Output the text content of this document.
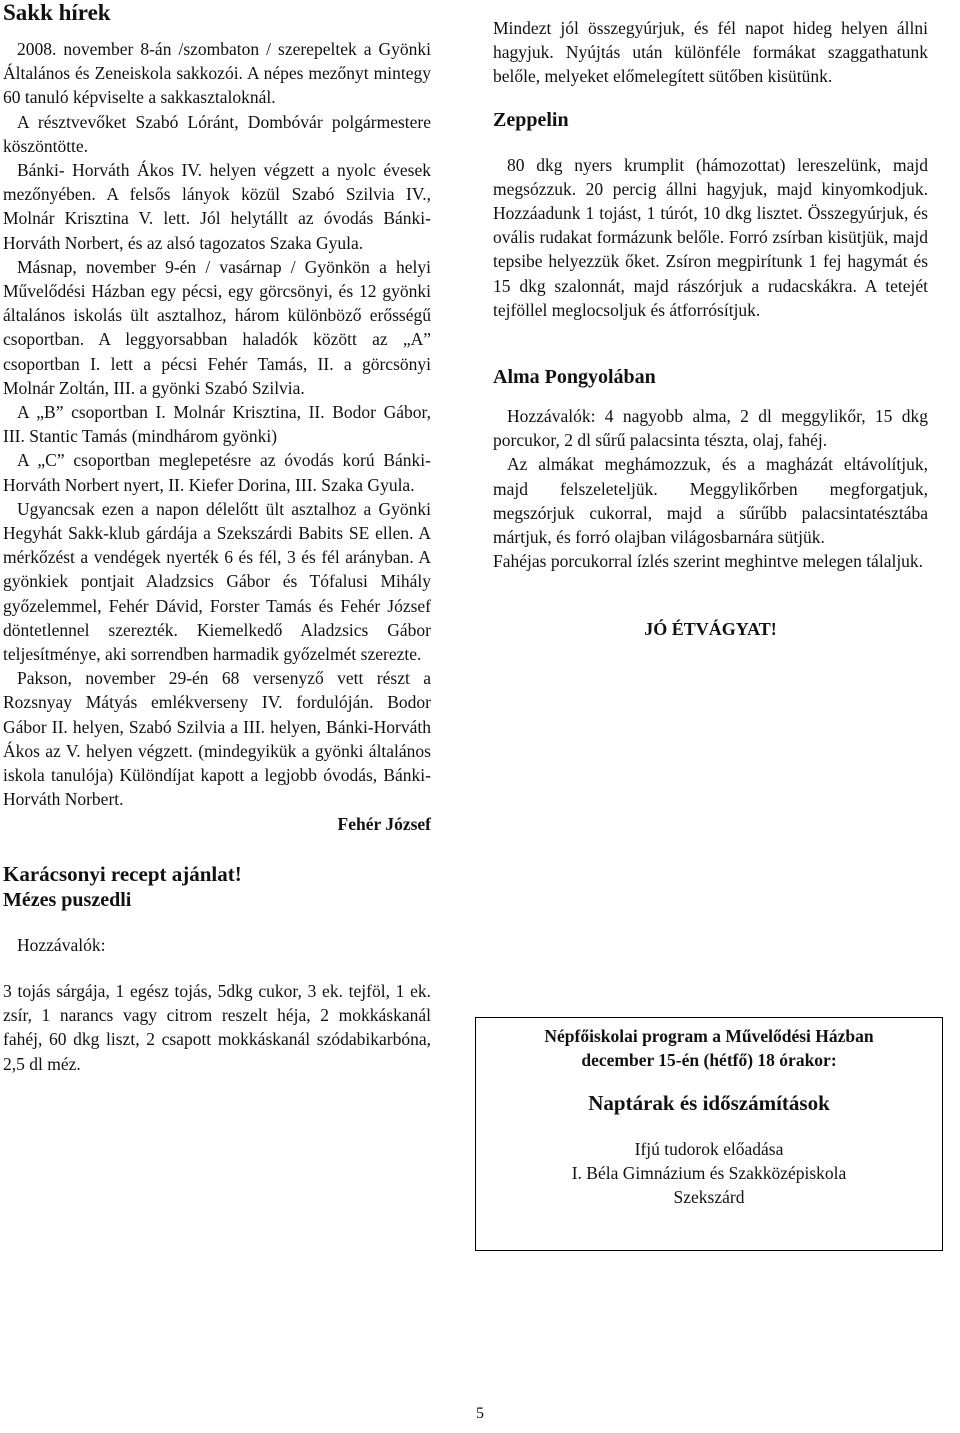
Sakk hírek

2008. november 8-án /szombaton / szerepeltek a Gyönki Általános és Zeneiskola sakkozói. A népes mezőnyt mintegy 60 tanuló képviselte a sakkasztaloknál.

A résztvevőket Szabó Lóránt, Dombóvár polgármestere köszöntötte.

Bánki- Horváth Ákos IV. helyen végzett a nyolc évesek mezőnyében. A felsős lányok közül Szabó Szilvia IV., Molnár Krisztina V. lett. Jól helytállt az óvodás Bánki-Horváth Norbert, és az alsó tagozatos Szaka Gyula.

Másnap, november 9-én / vasárnap / Gyönkön a helyi Művelődési Házban egy pécsi, egy görcsönyi, és 12 gyönki általános iskolás ült asztalhoz, három különböző erősségű csoportban. A leggyorsabban haladók között az „A” csoportban I. lett a pécsi Fehér Tamás, II. a görcsönyi Molnár Zoltán, III. a gyönki Szabó Szilvia.

A „B” csoportban I. Molnár Krisztina, II. Bodor Gábor, III. Stantic Tamás (mindhárom gyönki)

A „C” csoportban meglepetésre az óvodás korú Bánki-Horváth Norbert nyert, II. Kiefer Dorina, III. Szaka Gyula.

Ugyancsak ezen a napon délelőtt ült asztalhoz a Gyönki Hegyhát Sakk-klub gárdája a Szekszárdi Babits SE ellen. A mérkőzést a vendégek nyerték 6 és fél, 3 és fél arányban. A gyönkiek pontjait Aladzsics Gábor és Tófalusi Mihály győzelemmel, Fehér Dávid, Forster Tamás és Fehér József döntetlennel szerezték. Kiemelkedő Aladzsics Gábor teljesítménye, aki sorrendben harmadik győzelmét szerezte.

Pakson, november 29-én 68 versenyző vett részt a Rozsnyay Mátyás emlékverseny IV. fordulóján. Bodor Gábor II. helyen, Szabó Szilvia a III. helyen, Bánki-Horváth Ákos az V. helyen végzett. (mindegyikük a gyönki általános iskola tanulója) Különdíjat kapott a legjobb óvodás, Bánki-Horváth Norbert.

Fehér József

Karácsonyi recept ajánlat!

Mézes puszedli

Hozzávalók:

3 tojás sárgája, 1 egész tojás, 5dkg cukor, 3 ek. tejföl, 1 ek. zsír, 1 narancs vagy citrom reszelt héja, 2 mokkáskanál fahéj, 60 dkg liszt, 2 csapott mokkáskanál szódabikarbóna, 2,5 dl méz.

Mindezt jól összegyúrjuk, és fél napot hideg helyen állni hagyjuk. Nyújtás után különféle formákat szaggathatunk belőle, melyeket előmelegített sütőben kisütünk.

Zeppelin

80 dkg nyers krumplit (hámozottat) lereszelünk, majd megsózzuk. 20 percig állni hagyjuk, majd kinyomkodjuk. Hozzáadunk 1 tojást, 1 túrót, 10 dkg lisztet. Összegyúrjuk, és ovális rudakat formázunk belőle. Forró zsírban kisütjük, majd tepsibe helyezzük őket. Zsíron megpirítunk 1 fej hagymát és 15 dkg szalonnát, majd rászórjuk a rudacskákra. A tetejét tejföllel meglocsoljuk és átforrósítjuk.

Alma Pongyolában

Hozzávalók: 4 nagyobb alma, 2 dl meggylikőr, 15 dkg porcukor, 2 dl sűrű palacsinta tészta, olaj, fahéj.

Az almákat meghámozzuk, és a magházát eltávolítjuk, majd felszeleteljük. Meggylikőrben megforgatjuk, megszórjuk cukorral, majd a sűrűbb palacsintatésztába mártjuk, és forró olajban világosbarnára sütjük.

Fahéjas porcukorral ízlés szerint meghintve melegen tálaljuk.

JÓ ÉTVÁGYAT!

Népfőiskolai program a Művelődési Házban
december 15-én (hétfő) 18 órakor:
Naptárak és időszámítások
Ifjú tudorok előadása
I. Béla Gimnázium és Szakközépiskola
Szekszárd
5
